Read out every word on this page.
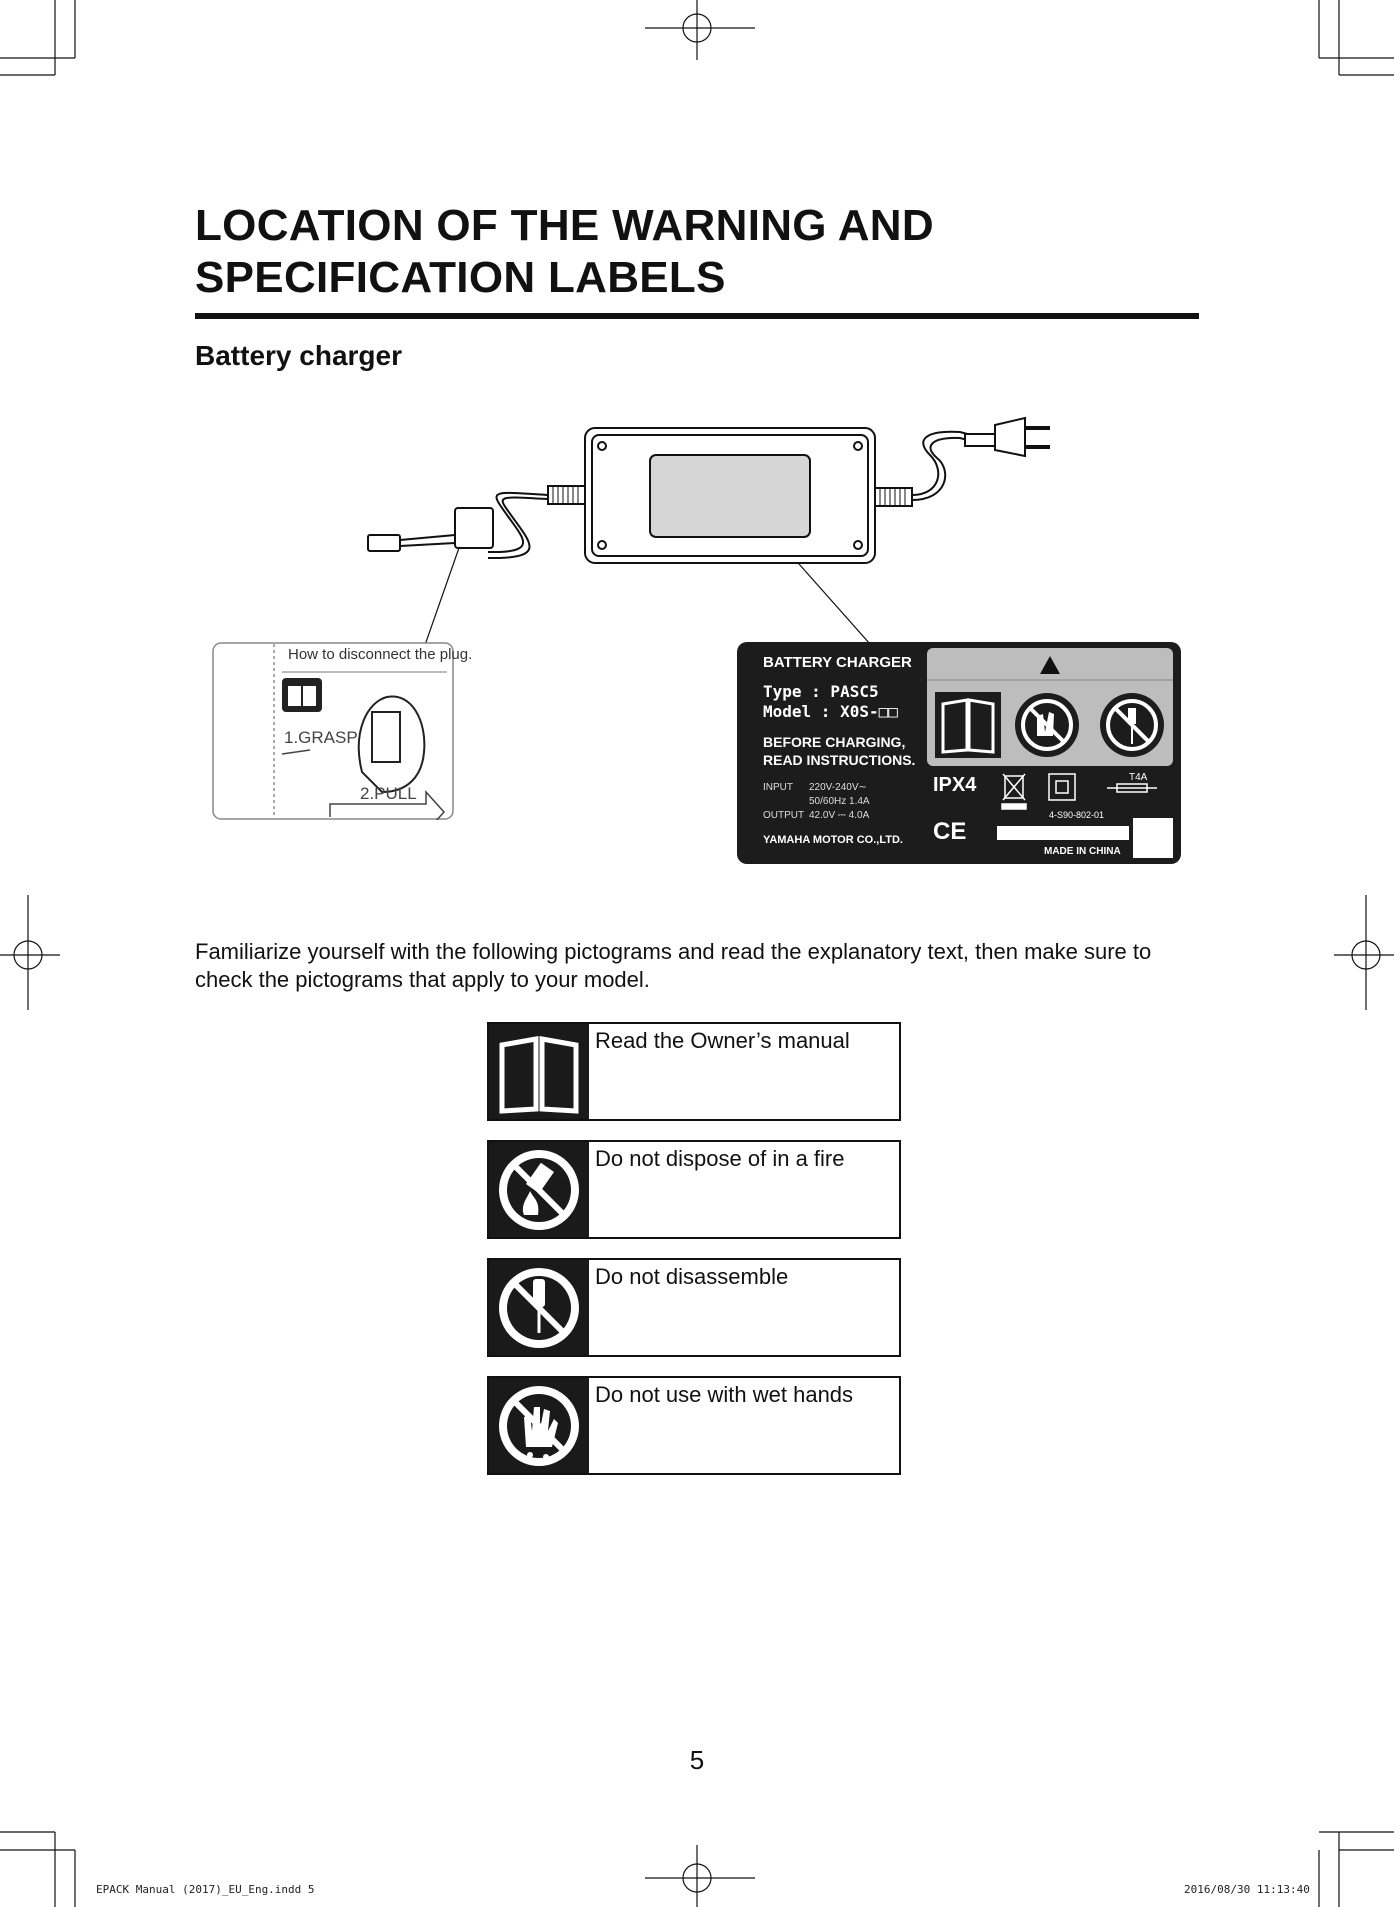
LOCATION OF THE WARNING AND
SPECIFICATION LABELS
Battery charger
How to disconnect the plug.
1.GRASP
2.PULL
BATTERY CHARGER
Type : PASC5
Model : X0S-□□
BEFORE CHARGING,
READ INSTRUCTIONS.
INPUT 220V-240V∼
50/60Hz 1.4A
OUTPUT 42.0V ⎓ 4.0A
YAMAHA MOTOR CO.,LTD.
IPX4	T4A
4-S90-802-01
CE
MADE IN CHINA
Familiarize yourself with the following pictograms and read the explanatory text, then make sure to check the pictograms that apply to your model.
Read the Owner’s manual
Do not dispose of in a fire
Do not disassemble
Do not use with wet hands
5
EPACK Manual (2017)_EU_Eng.indd 5	2016/08/30 11:13:40
